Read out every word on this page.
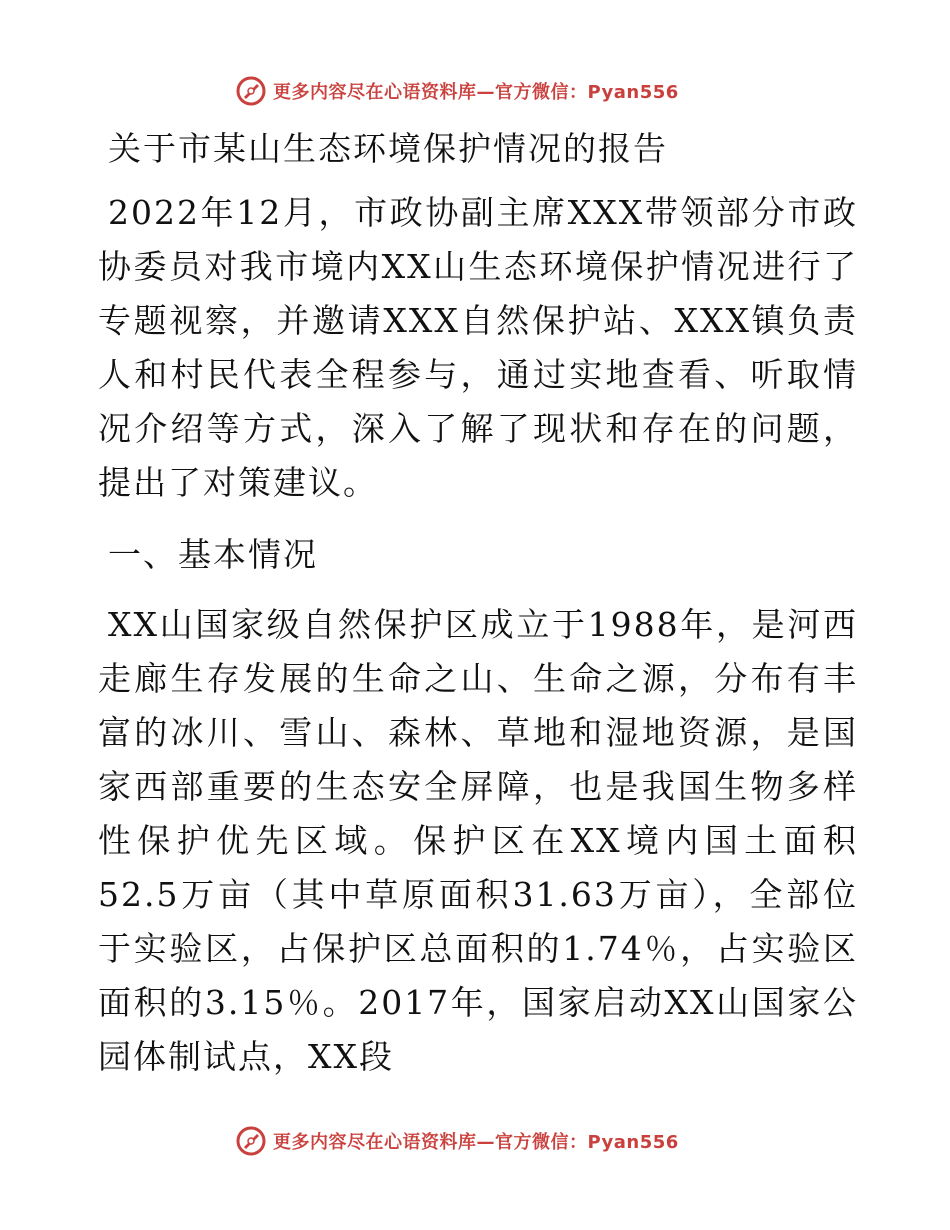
更多内容尽在心语资料库—官方微信：Pyan556

关于市某山生态环境保护情况的报告

2022年12月，市政协副主席XXX带领部分市政协委员对我市境内XX山生态环境保护情况进行了专题视察，并邀请XXX自然保护站、XXX镇负责人和村民代表全程参与，通过实地查看、听取情况介绍等方式，深入了解了现状和存在的问题，提出了对策建议。

一、基本情况

XX山国家级自然保护区成立于1988年，是河西走廊生存发展的生命之山、生命之源，分布有丰富的冰川、雪山、森林、草地和湿地资源，是国家西部重要的生态安全屏障，也是我国生物多样性保护优先区域。保护区在XX境内国土面积52.5万亩（其中草原面积31.63万亩），全部位于实验区，占保护区总面积的1.74％，占实验区面积的3.15％。2017年，国家启动XX山国家公园体制试点，XX段

更多内容尽在心语资料库—官方微信：Pyan556
